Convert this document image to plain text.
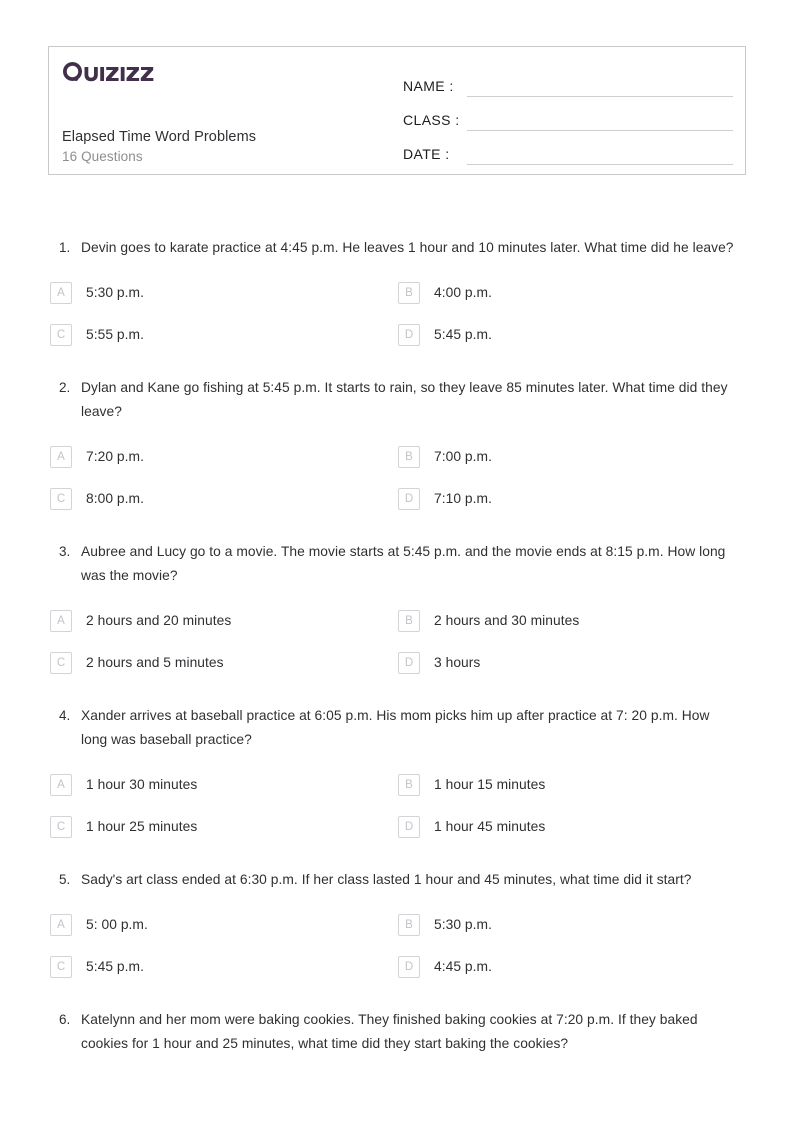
Elapsed Time Word Problems
16 Questions
NAME :
CLASS :
DATE :
1. Devin goes to karate practice at 4:45 p.m. He leaves 1 hour and 10 minutes later. What time did he leave?
A	5:30 p.m.	B	4:00 p.m.
C	5:55 p.m.	D	5:45 p.m.
2. Dylan and Kane go fishing at 5:45 p.m. It starts to rain, so they leave 85 minutes later. What time did they leave?
A	7:20 p.m.	B	7:00 p.m.
C	8:00 p.m.	D	7:10 p.m.
3. Aubree and Lucy go to a movie. The movie starts at 5:45 p.m. and the movie ends at 8:15 p.m. How long was the movie?
A	2 hours and 20 minutes	B	2 hours and 30 minutes
C	2 hours and 5 minutes	D	3 hours
4. Xander arrives at baseball practice at 6:05 p.m. His mom picks him up after practice at 7: 20 p.m. How long was baseball practice?
A	1 hour 30 minutes	B	1 hour 15 minutes
C	1 hour 25 minutes	D	1 hour 45 minutes
5. Sady's art class ended at 6:30 p.m. If her class lasted 1 hour and 45 minutes, what time did it start?
A	5: 00 p.m.	B	5:30 p.m.
C	5:45 p.m.	D	4:45 p.m.
6. Katelynn and her mom were baking cookies. They finished baking cookies at 7:20 p.m. If they baked cookies for 1 hour and 25 minutes, what time did they start baking the cookies?
